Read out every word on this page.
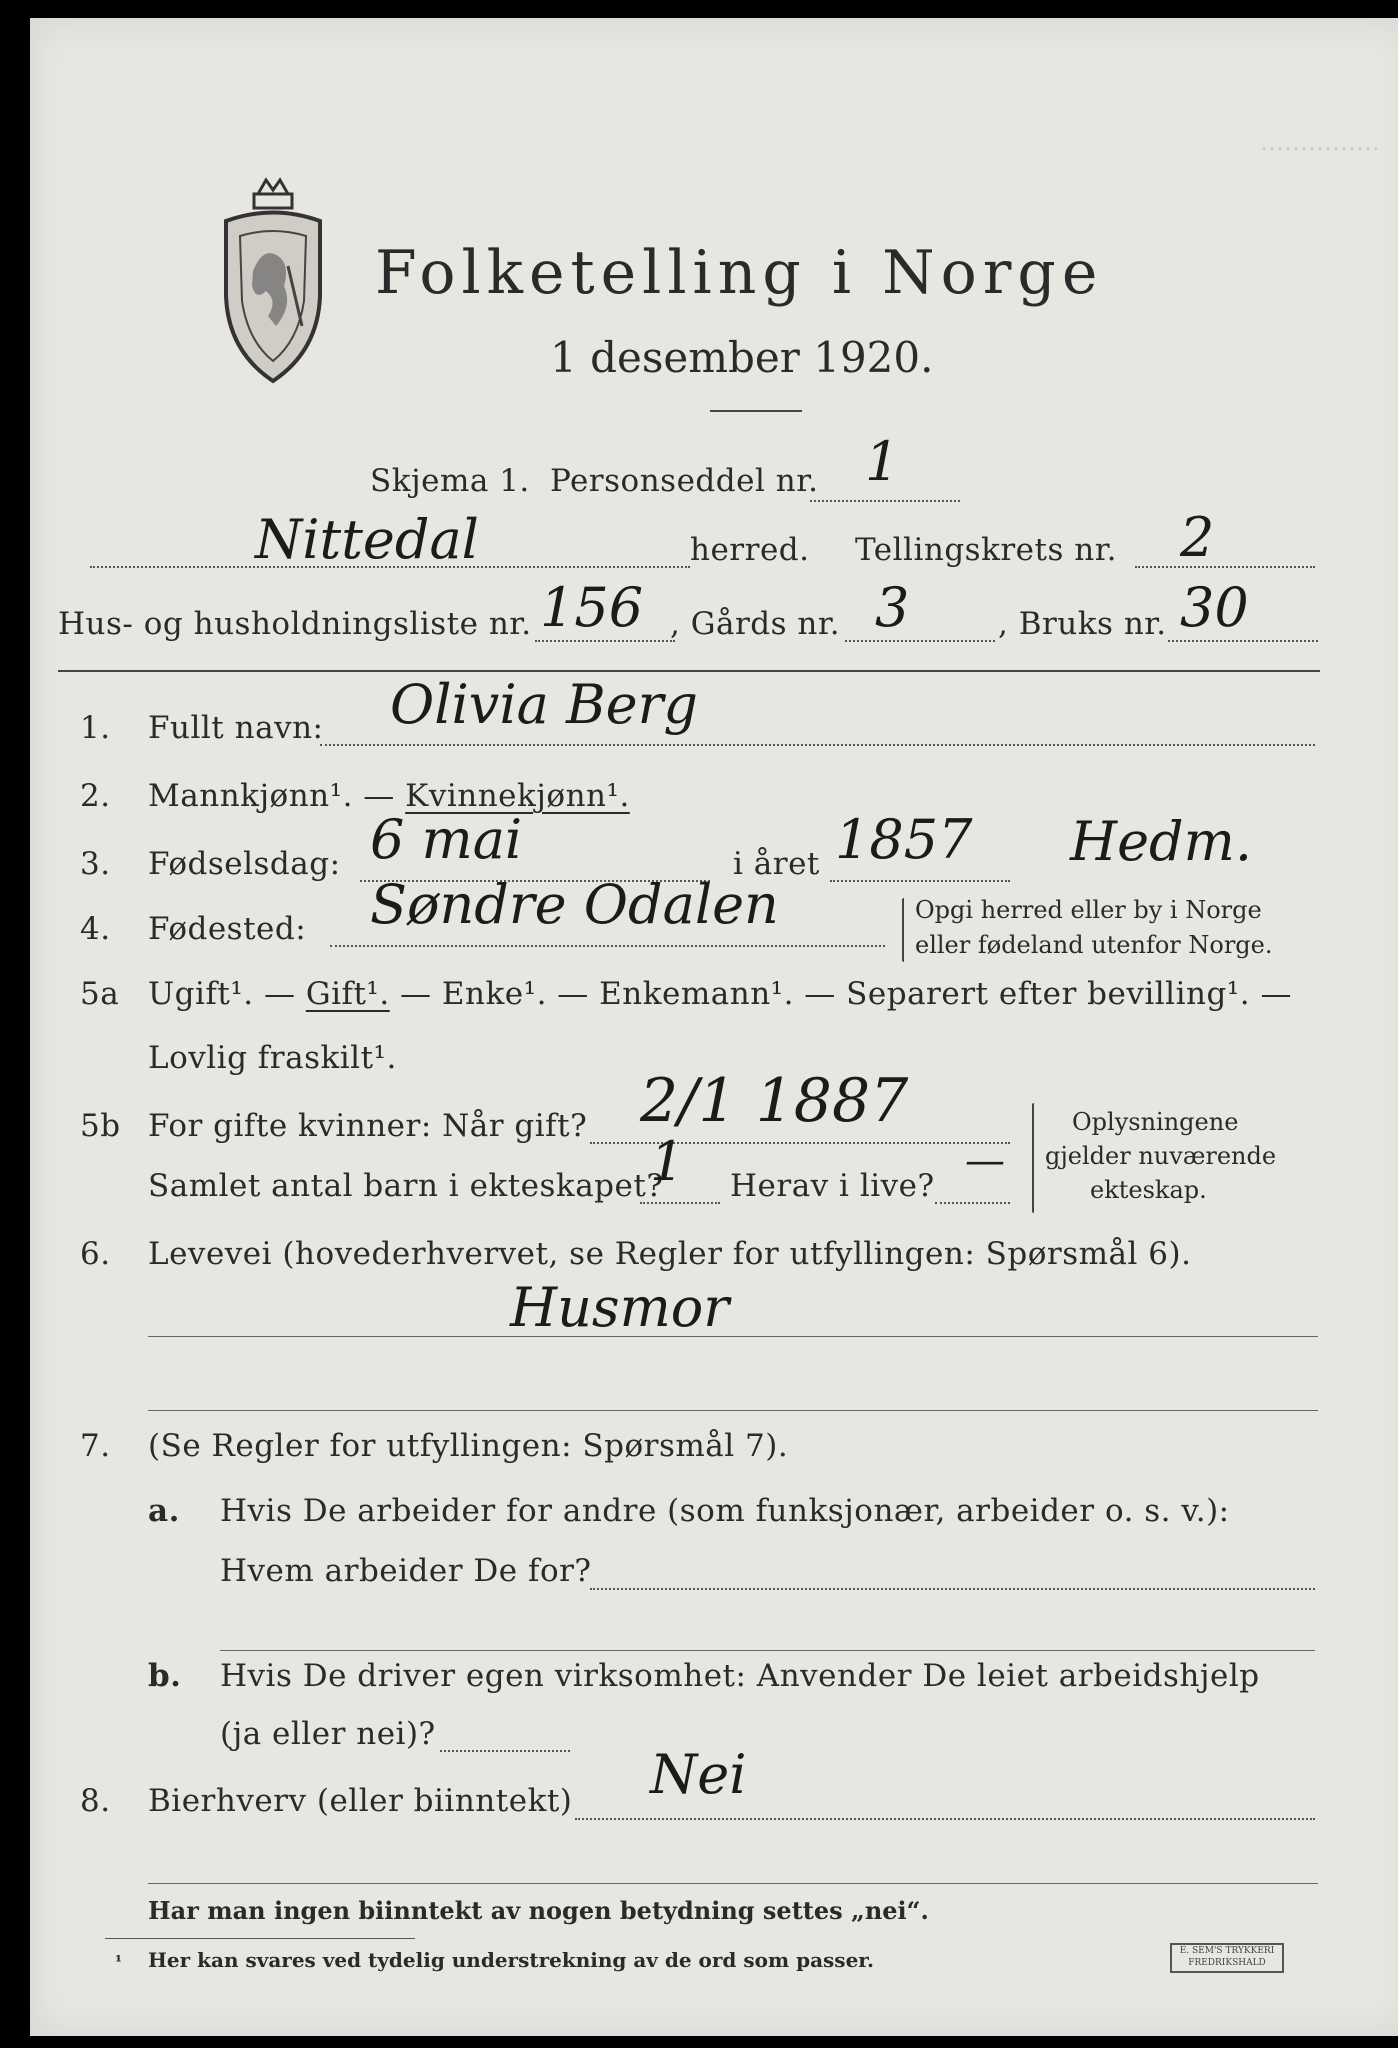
Folketelling i Norge
1 desember 1920.
……………
Skjema 1. Personseddel nr. 1
Nittedal	herred. Tellingskrets nr. 2
Hus- og husholdningsliste nr. 156 , Gårds nr. 3	, Bruks nr. 30
1. Fullt navn: Olivia Berg
2. Mannkjønn¹. — Kvinnekjønn¹.
3. Fødselsdag: 6 mai	i året 1857 Hedm.
4. Fødested: Søndre Odalen	Opgi herred eller by i Norge
eller fødeland utenfor Norge.
5a Ugift¹. — Gift¹. — Enke¹. — Enkemann¹. — Separert efter bevilling¹. —
Lovlig fraskilt¹.
5b For gifte kvinner: Når gift? 2/1 1887
Samlet antal barn i ekteskapet?
1 Herav i live?
—
Oplysningene
gjelder nuværende
ekteskap.
6. Levevei (hovederhvervet, se Regler for utfyllingen: Spørsmål 6).
Husmor
7. (Se Regler for utfyllingen: Spørsmål 7).
a. Hvis De arbeider for andre (som funksjonær, arbeider o. s. v.):
Hvem arbeider De for?
b. Hvis De driver egen virksomhet: Anvender De leiet arbeidshjelp
(ja eller nei)?
8. Bierhverv (eller biinntekt) Nei
Har man ingen biinntekt av nogen betydning settes „nei“.
¹ Her kan svares ved tydelig understrekning av de ord som passer.	E. SEM'S TRYKKERI
FREDRIKSHALD
